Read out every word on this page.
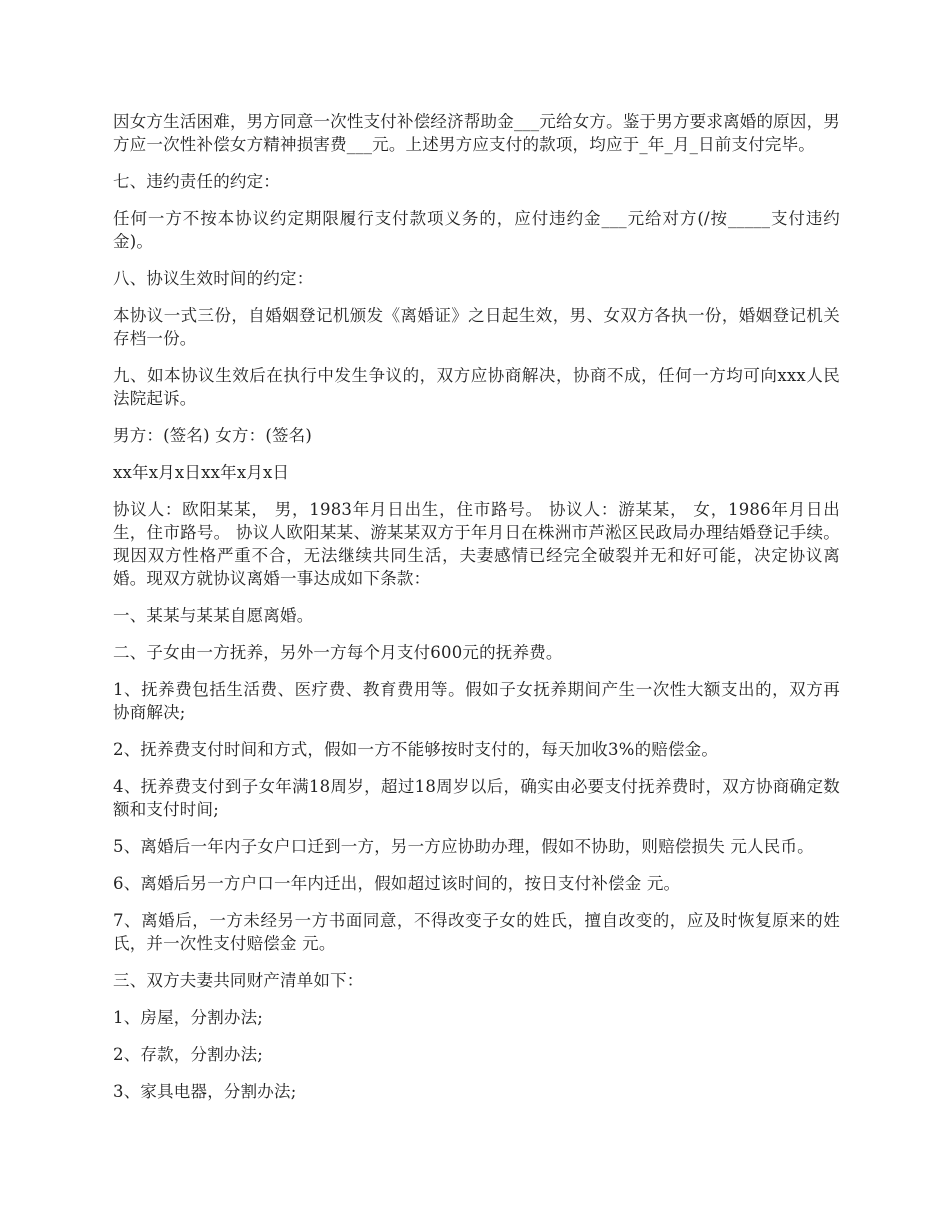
因女方生活困难，男方同意一次性支付补偿经济帮助金___元给女方。鉴于男方要求离婚的原因，男方应一次性补偿女方精神损害费___元。上述男方应支付的款项，均应于_年_月_日前支付完毕。

七、违约责任的约定：

任何一方不按本协议约定期限履行支付款项义务的，应付违约金___元给对方(/按_____支付违约金)。

八、协议生效时间的约定：

本协议一式三份，自婚姻登记机颁发《离婚证》之日起生效，男、女双方各执一份，婚姻登记机关存档一份。

九、如本协议生效后在执行中发生争议的，双方应协商解决，协商不成，任何一方均可向xxx人民法院起诉。

男方：(签名) 女方：(签名)

xx年x月x日xx年x月x日

协议人：欧阳某某， 男，1983年月日出生，住市路号。 协议人：游某某， 女，1986年月日出生，住市路号。 协议人欧阳某某、游某某双方于年月日在株洲市芦淞区民政局办理结婚登记手续。现因双方性格严重不合，无法继续共同生活，夫妻感情已经完全破裂并无和好可能，决定协议离婚。现双方就协议离婚一事达成如下条款：

一、某某与某某自愿离婚。

二、子女由一方抚养，另外一方每个月支付600元的抚养费。

1、抚养费包括生活费、医疗费、教育费用等。假如子女抚养期间产生一次性大额支出的，双方再协商解决;

2、抚养费支付时间和方式，假如一方不能够按时支付的，每天加收3%的赔偿金。

4、抚养费支付到子女年满18周岁，超过18周岁以后，确实由必要支付抚养费时，双方协商确定数额和支付时间;

5、离婚后一年内子女户口迁到一方，另一方应协助办理，假如不协助，则赔偿损失 元人民币。

6、离婚后另一方户口一年内迁出，假如超过该时间的，按日支付补偿金 元。

7、离婚后，一方未经另一方书面同意，不得改变子女的姓氏，擅自改变的，应及时恢复原来的姓氏，并一次性支付赔偿金 元。

三、双方夫妻共同财产清单如下：

1、房屋，分割办法;

2、存款，分割办法;

3、家具电器，分割办法;
